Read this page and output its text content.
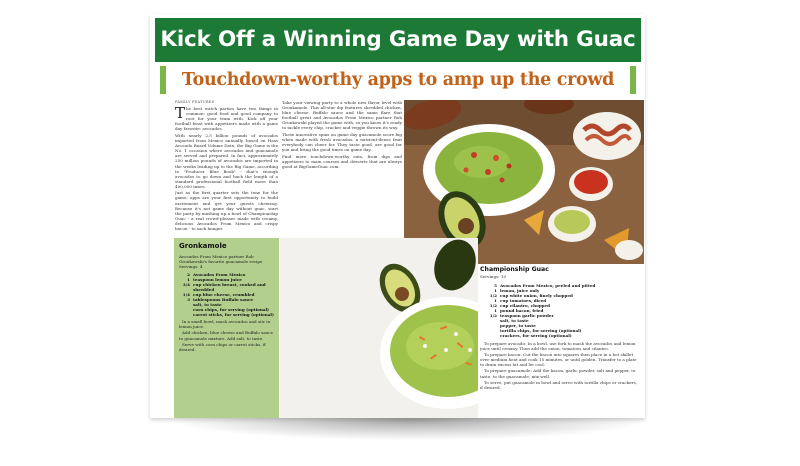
Kick Off a Winning Game Day with Guac
Touchdown-worthy apps to amp up the crowd
FAMILY FEATURES

The best watch parties have two things in common: good food and good company to root for your team with. Kick off your football feast with appetizers made with a game day favorite: avocados.

With nearly 2.5 billion pounds of avocados imported from Mexico annually, based on Hass Avocado Board Volume Data, the Big Game is the No. 1 occasion where avocados and guacamole are served and prepared. In fact, approximately 250 million pounds of avocados are imported in the weeks leading up to the Big Game, according to "Producer Blue Book" - that's enough avocados to go down and back the length of a standard professional football field more than 400,000 times.

Just as the first quarter sets the tone for the game, apps are your first opportunity to build excitement and get your guests cheering. Because it's not game day without guac, start the party by mashing up a bowl of Championship Guac - a real crowd-pleaser made with creamy, delicious Avocados From Mexico and crispy bacon - to sack hunger.

Take your viewing party to a whole new flavor level with Gronkamole. This all-star dip features shredded chicken, blue cheese, Buffalo sauce and the same flare that football great and Avocados From Mexico partner Rob Gronkowski played the game with, so you know it's ready to tackle every chip, cracker and veggie thrown its way.

These innovative spins on game day guacamole score big when made with fresh avocados, a nutrient-dense fruit everybody can cheer for. They taste good, are good for you and bring the good times on game day.

Find more touchdown-worthy eats, from dips and appetizers to main courses and desserts that are always good at BigGameGuac.com.

Gronkamole
Avocados From Mexico partner Rob Gronkowski's favorite guacamole recipe
Servings: 4
2 Avocados From Mexico
1 teaspoon lemon juice
3/4 cup chicken breast, cooked and shredded
1/4 cup blue cheese, crumbled
3 tablespoons Buffalo sauce
salt, to taste
corn chips, for serving (optional)
carrot sticks, for serving (optional)

In a small bowl, mash avocados and stir in lemon juice.

Add chicken, blue cheese and Buffalo sauce to guacamole mixture. Add salt, to taste.

Serve with corn chips or carrot sticks, if desired.

Championship Guac
Servings: 10
5 Avocados From Mexico, peeled and pitted
1 lemon, juice only
1/2 cup white onion, finely chopped
1 cup tomatoes, diced
1/2 cup cilantro, chopped
1 pound bacon, fried
1/2 teaspoon garlic powder
salt, to taste
pepper, to taste
tortilla chips, for serving (optional)
crackers, for serving (optional)

To prepare avocado: In a bowl, use fork to mash the avocados and lemon juice until creamy. Then add the onion, tomatoes and cilantro.

To prepare bacon: Cut the bacon into squares then place in a hot skillet over medium heat and cook 15 minutes, or until golden. Transfer to a plate to drain excess fat and let cool.

To prepare guacamole: Add the bacon, garlic powder, salt and pepper, to taste, to the guacamole; mix well.

To serve, put guacamole in bowl and serve with tortilla chips or crackers, if desired.
